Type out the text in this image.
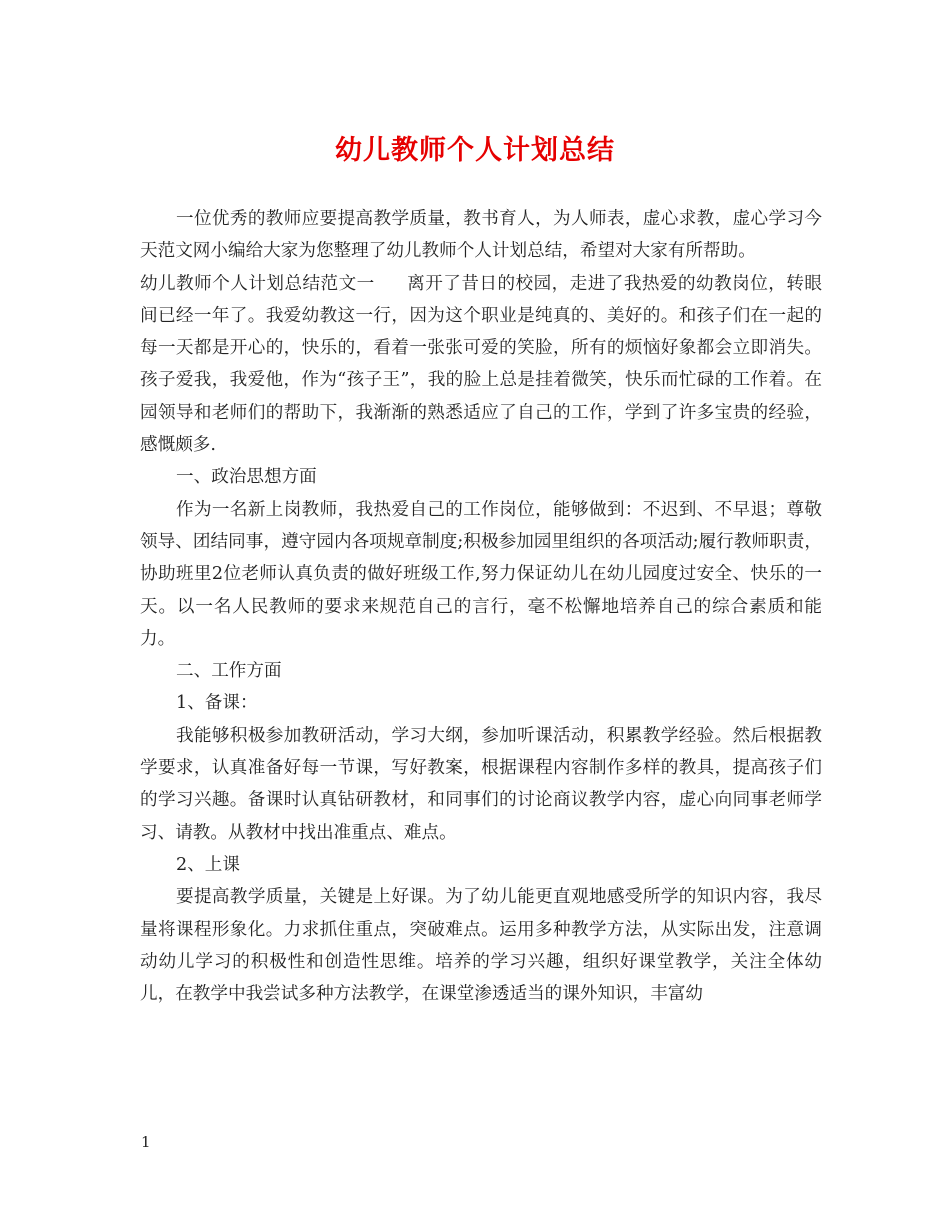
幼儿教师个人计划总结

一位优秀的教师应要提高教学质量，教书育人，为人师表，虚心求教，虚心学习今天范文网小编给大家为您整理了幼儿教师个人计划总结，希望对大家有所帮助。

幼儿教师个人计划总结范文一 离开了昔日的校园，走进了我热爱的幼教岗位，转眼间已经一年了。我爱幼教这一行，因为这个职业是纯真的、美好的。和孩子们在一起的每一天都是开心的，快乐的，看着一张张可爱的笑脸，所有的烦恼好象都会立即消失。孩子爱我，我爱他，作为“孩子王”，我的脸上总是挂着微笑，快乐而忙碌的工作着。在园领导和老师们的帮助下，我渐渐的熟悉适应了自己的工作，学到了许多宝贵的经验，感慨颇多.

一、政治思想方面

作为一名新上岗教师，我热爱自己的工作岗位，能够做到：不迟到、不早退；尊敬领导、团结同事，遵守园内各项规章制度;积极参加园里组织的各项活动;履行教师职责，协助班里2位老师认真负责的做好班级工作,努力保证幼儿在幼儿园度过安全、快乐的一天。以一名人民教师的要求来规范自己的言行，毫不松懈地培养自己的综合素质和能力。

二、工作方面

1、备课：

我能够积极参加教研活动，学习大纲，参加听课活动，积累教学经验。然后根据教学要求，认真准备好每一节课，写好教案，根据课程内容制作多样的教具，提高孩子们的学习兴趣。备课时认真钻研教材，和同事们的讨论商议教学内容，虚心向同事老师学习、请教。从教材中找出准重点、难点。

2、上课

要提高教学质量，关键是上好课。为了幼儿能更直观地感受所学的知识内容，我尽量将课程形象化。力求抓住重点，突破难点。运用多种教学方法，从实际出发，注意调动幼儿学习的积极性和创造性思维。培养的学习兴趣，组织好课堂教学，关注全体幼儿，在教学中我尝试多种方法教学，在课堂渗透适当的课外知识，丰富幼

1
